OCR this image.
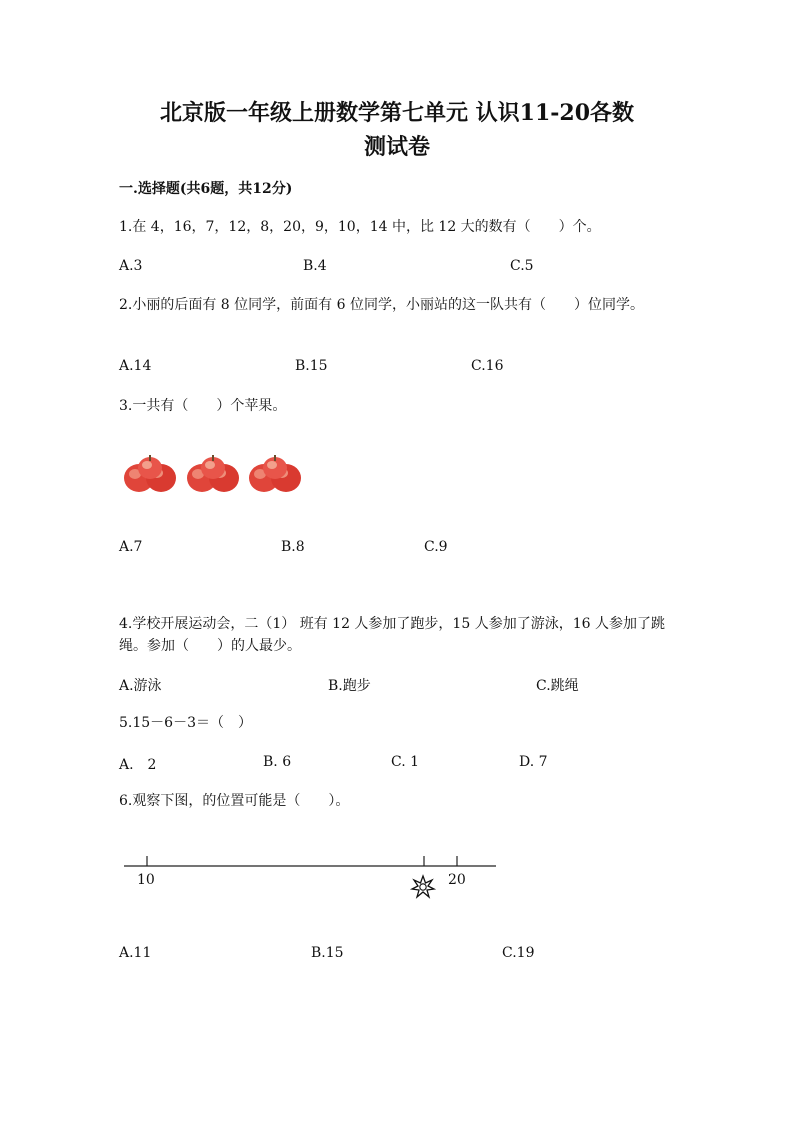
北京版一年级上册数学第七单元 认识11-20各数
测试卷
一.选择题(共6题，共12分)
1.在 4，16，7，12，8，20，9，10，14 中，比 12 大的数有（　　）个。
A.3	B.4	C.5
2.小丽的后面有 8 位同学，前面有 6 位同学，小丽站的这一队共有（　　）位同学。
A.14	B.15	C.16
3.一共有（　　）个苹果。
A.7	B.8	C.9
4.学校开展运动会，二（1） 班有 12 人参加了跑步，15 人参加了游泳，16 人参加了跳绳。参加（　　）的人最少。
A.游泳	B.跑步	C.跳绳
5.15－6－3＝（　）
A.　2	B. 6	C. 1	D. 7
6.观察下图，的位置可能是（　　）。
10	20
A.11	B.15	C.19
